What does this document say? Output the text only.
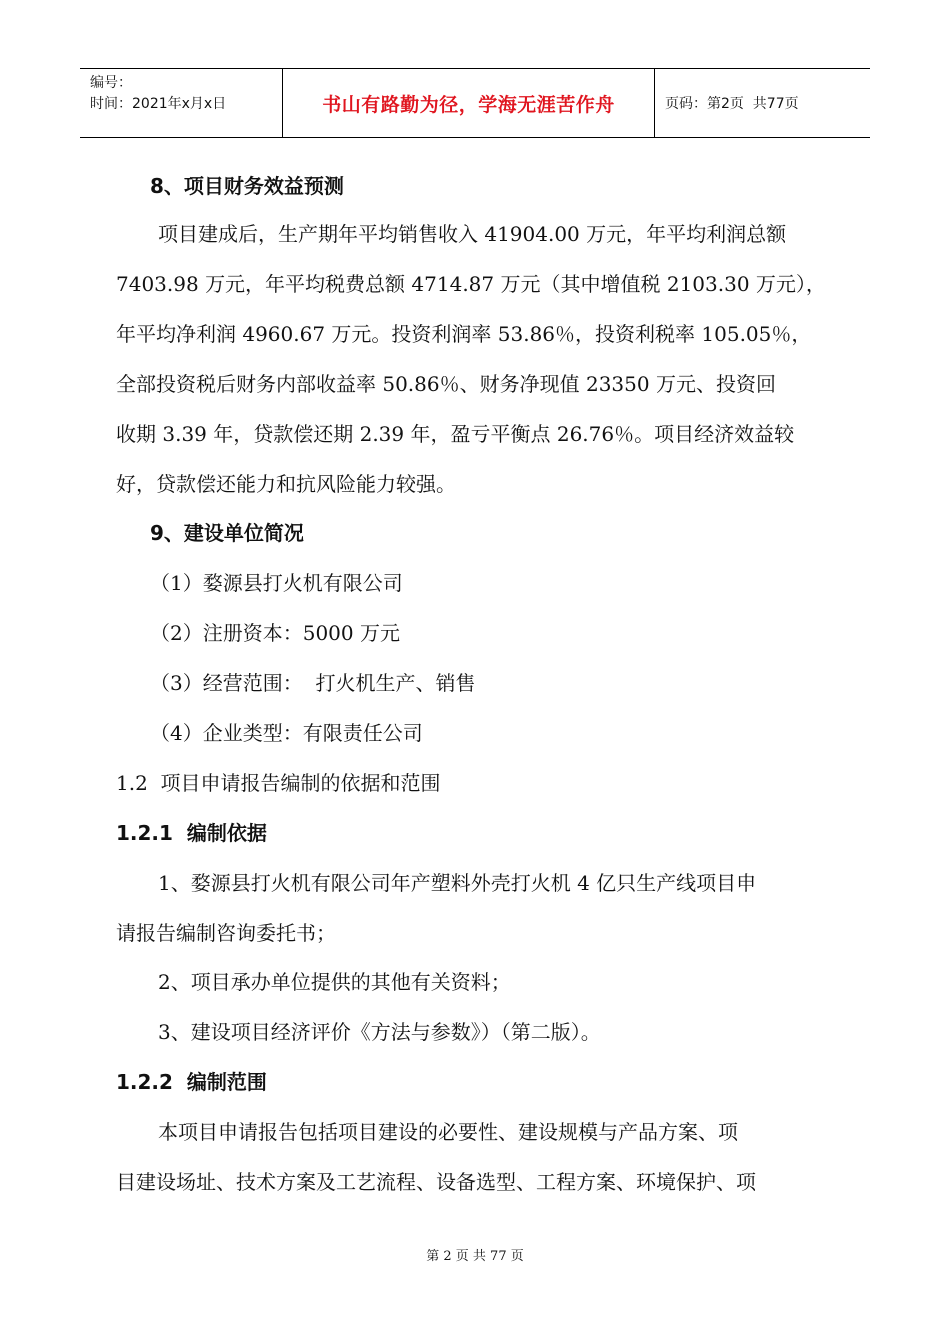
编号：
时间：2021年x月x日	书山有路勤为径，学海无涯苦作舟	页码：第2页  共77页
8、项目财务效益预测
项目建成后，生产期年平均销售收入 41904.00 万元，年平均利润总额
7403.98 万元，年平均税费总额 4714.87 万元（其中增值税 2103.30 万元），
年平均净利润 4960.67 万元。投资利润率 53.86％，投资利税率 105.05％，
全部投资税后财务内部收益率 50.86％、财务净现值 23350 万元、投资回
收期 3.39 年，贷款偿还期 2.39 年，盈亏平衡点 26.76％。项目经济效益较
好，贷款偿还能力和抗风险能力较强。
9、建设单位简况
（1）婺源县打火机有限公司
（2）注册资本：5000 万元
（3）经营范围：  打火机生产、销售
（4）企业类型：有限责任公司
1.2  项目申请报告编制的依据和范围
1.2.1  编制依据
1、婺源县打火机有限公司年产塑料外壳打火机 4 亿只生产线项目申
请报告编制咨询委托书；
2、项目承办单位提供的其他有关资料；
3、建设项目经济评价《方法与参数》）（第二版）。
1.2.2  编制范围
本项目申请报告包括项目建设的必要性、建设规模与产品方案、项
目建设场址、技术方案及工艺流程、设备选型、工程方案、环境保护、项
第 2 页 共 77 页
